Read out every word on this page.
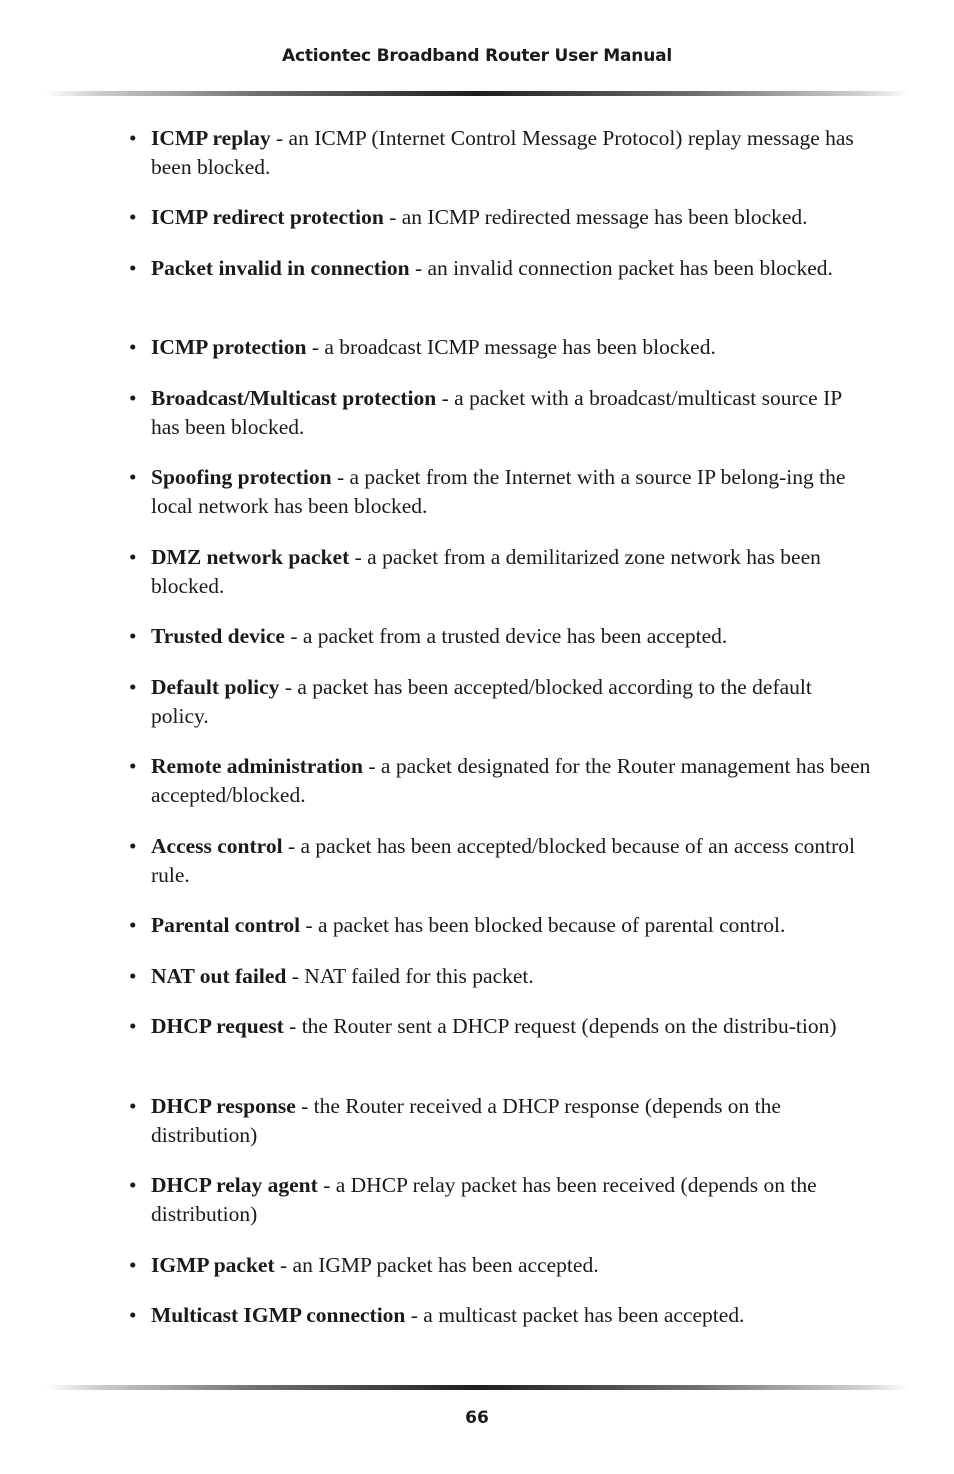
Actiontec Broadband Router User Manual
• ICMP replay - an ICMP (Internet Control Message Protocol) replay message has been blocked.
• ICMP redirect protection - an ICMP redirected message has been blocked.
• Packet invalid in connection - an invalid connection packet has been blocked.
• ICMP protection - a broadcast ICMP message has been blocked.
• Broadcast/Multicast protection - a packet with a broadcast/multicast source IP has been blocked.
• Spoofing protection - a packet from the Internet with a source IP belong-ing the local network has been blocked.
• DMZ network packet - a packet from a demilitarized zone network has been blocked.
• Trusted device - a packet from a trusted device has been accepted.
• Default policy - a packet has been accepted/blocked according to the default policy.
• Remote administration - a packet designated for the Router management has been accepted/blocked.
• Access control - a packet has been accepted/blocked because of an access control rule.
• Parental control - a packet has been blocked because of parental control.
• NAT out failed - NAT failed for this packet.
• DHCP request - the Router sent a DHCP request (depends on the distribu-tion)
• DHCP response - the Router received a DHCP response (depends on the distribution)
• DHCP relay agent - a DHCP relay packet has been received (depends on the distribution)
• IGMP packet - an IGMP packet has been accepted.
• Multicast IGMP connection - a multicast packet has been accepted.
66
